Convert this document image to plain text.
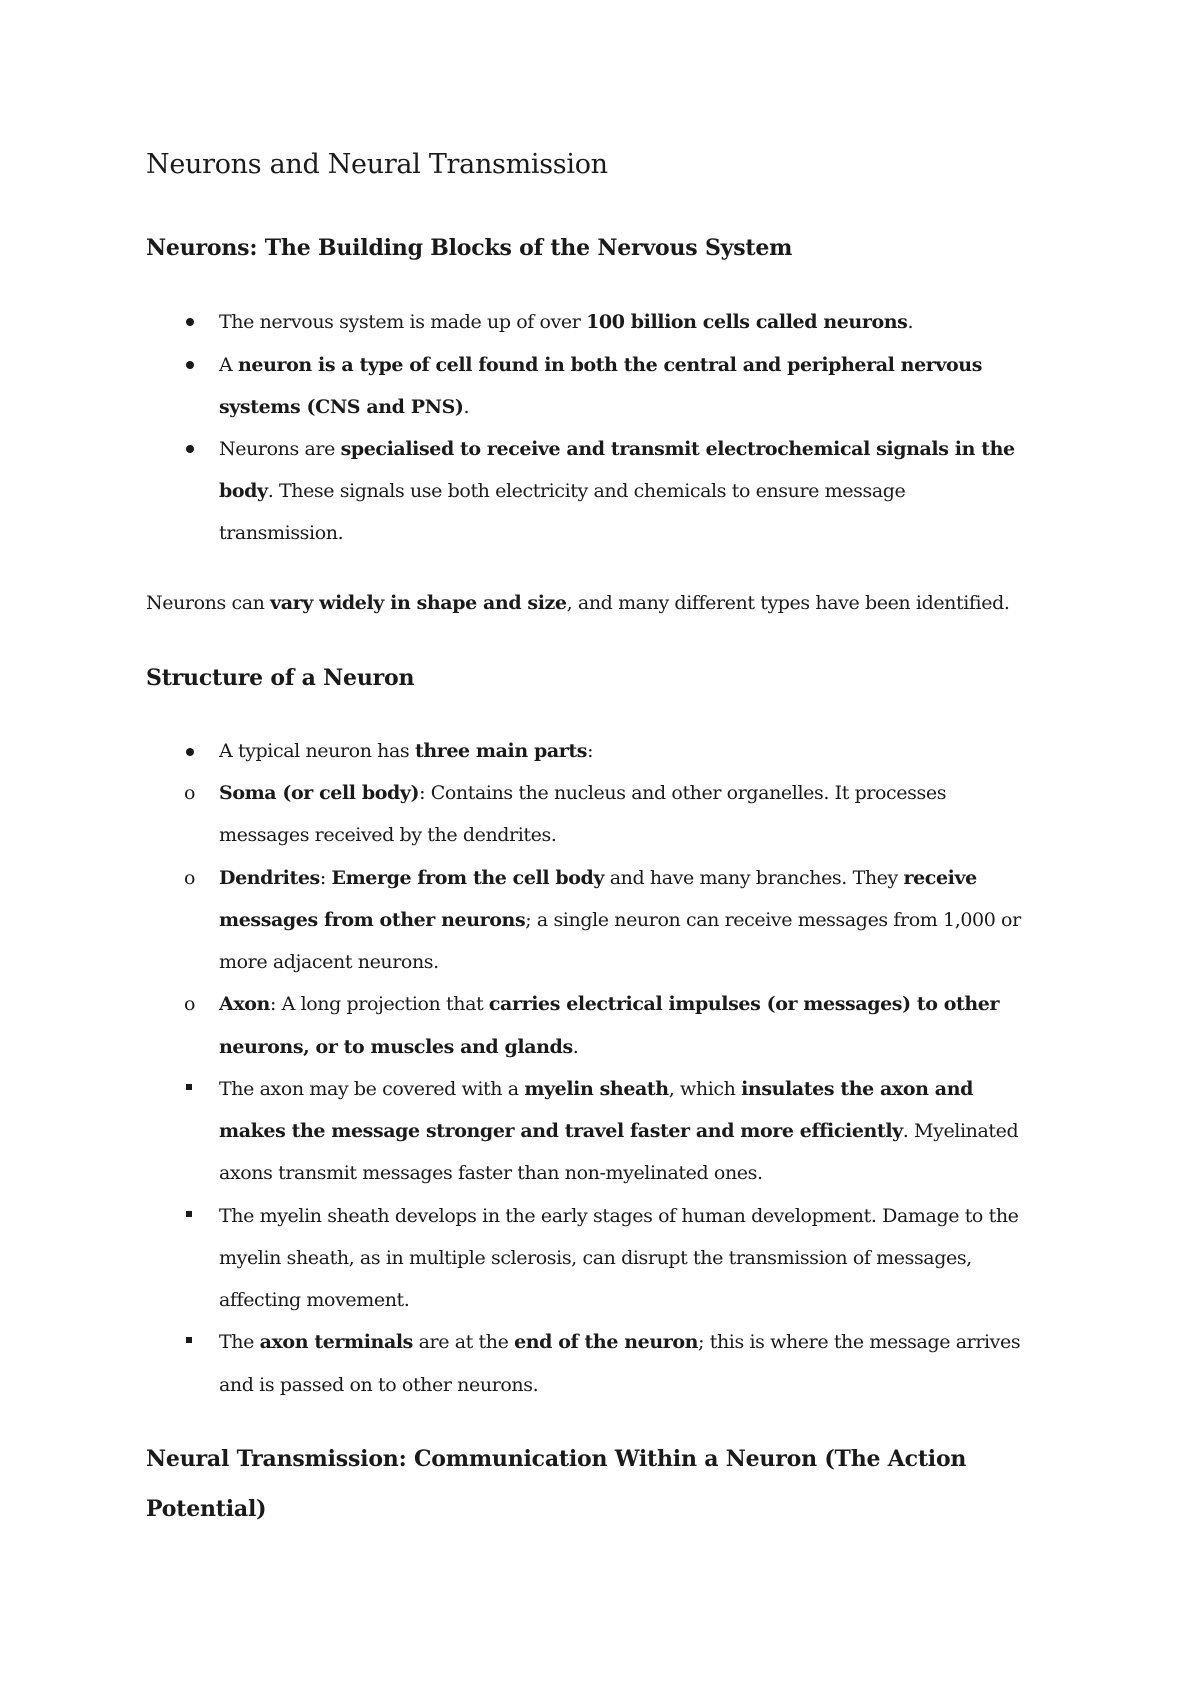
Neurons and Neural Transmission
Neurons: The Building Blocks of the Nervous System
The nervous system is made up of over 100 billion cells called neurons.
A neuron is a type of cell found in both the central and peripheral nervous
systems (CNS and PNS).
Neurons are specialised to receive and transmit electrochemical signals in the
body. These signals use both electricity and chemicals to ensure message
transmission.
Neurons can vary widely in shape and size, and many different types have been identified.
Structure of a Neuron
A typical neuron has three main parts:
o Soma (or cell body): Contains the nucleus and other organelles. It processes
messages received by the dendrites.
o Dendrites: Emerge from the cell body and have many branches. They receive
messages from other neurons; a single neuron can receive messages from 1,000 or
more adjacent neurons.
o Axon: A long projection that carries electrical impulses (or messages) to other
neurons, or to muscles and glands.
The axon may be covered with a myelin sheath, which insulates the axon and
makes the message stronger and travel faster and more efficiently. Myelinated
axons transmit messages faster than non-myelinated ones.
The myelin sheath develops in the early stages of human development. Damage to the
myelin sheath, as in multiple sclerosis, can disrupt the transmission of messages,
affecting movement.
The axon terminals are at the end of the neuron; this is where the message arrives
and is passed on to other neurons.
Neural Transmission: Communication Within a Neuron (The Action
Potential)
